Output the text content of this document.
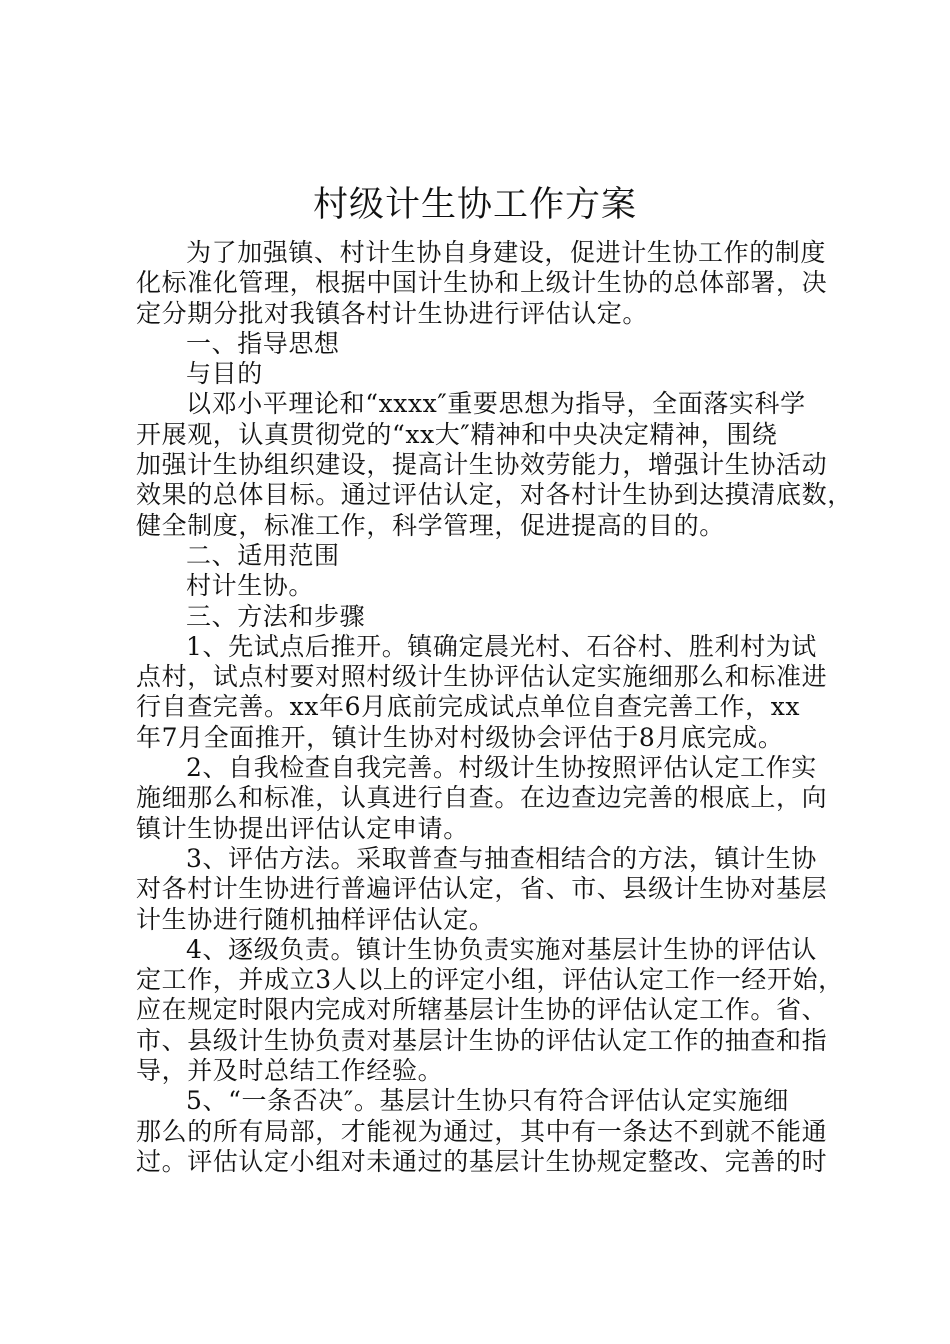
村级计生协工作方案
为了加强镇、村计生协自身建设，促进计生协工作的制度
化标准化管理，根据中国计生协和上级计生协的总体部署，决
定分期分批对我镇各村计生协进行评估认定。
一、指导思想
与目的
以邓小平理论和“xxxx″重要思想为指导，全面落实科学
开展观，认真贯彻党的“xx大″精神和中央决定精神，围绕
加强计生协组织建设，提高计生协效劳能力，增强计生协活动
效果的总体目标。通过评估认定，对各村计生协到达摸清底数，
健全制度，标准工作，科学管理，促进提高的目的。
二、适用范围
村计生协。
三、方法和步骤
1、先试点后推开。镇确定晨光村、石谷村、胜利村为试
点村，试点村要对照村级计生协评估认定实施细那么和标准进
行自查完善。xx年6月底前完成试点单位自查完善工作，xx
年7月全面推开，镇计生协对村级协会评估于8月底完成。
2、自我检查自我完善。村级计生协按照评估认定工作实
施细那么和标准，认真进行自查。在边查边完善的根底上，向
镇计生协提出评估认定申请。
3、评估方法。采取普查与抽查相结合的方法，镇计生协
对各村计生协进行普遍评估认定，省、市、县级计生协对基层
计生协进行随机抽样评估认定。
4、逐级负责。镇计生协负责实施对基层计生协的评估认
定工作，并成立3人以上的评定小组，评估认定工作一经开始，
应在规定时限内完成对所辖基层计生协的评估认定工作。省、
市、县级计生协负责对基层计生协的评估认定工作的抽查和指
导，并及时总结工作经验。
5、“一条否决″。基层计生协只有符合评估认定实施细
那么的所有局部，才能视为通过，其中有一条达不到就不能通
过。评估认定小组对未通过的基层计生协规定整改、完善的时
